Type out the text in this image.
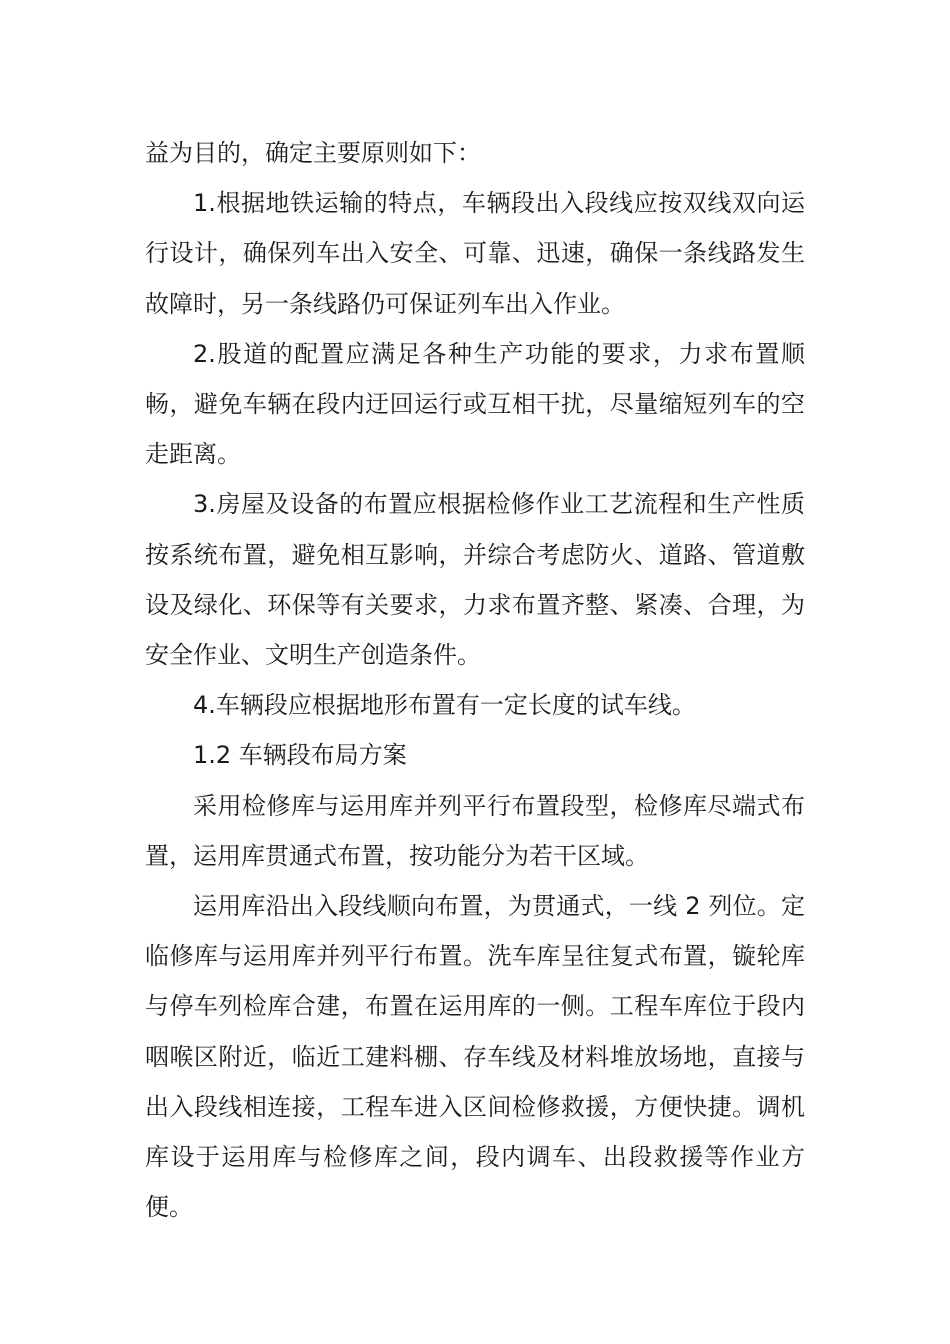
益为目的，确定主要原则如下：

1.根据地铁运输的特点，车辆段出入段线应按双线双向运行设计，确保列车出入安全、可靠、迅速，确保一条线路发生故障时，另一条线路仍可保证列车出入作业。

2.股道的配置应满足各种生产功能的要求，力求布置顺畅，避免车辆在段内迂回运行或互相干扰，尽量缩短列车的空走距离。

3.房屋及设备的布置应根据检修作业工艺流程和生产性质按系统布置，避免相互影响，并综合考虑防火、道路、管道敷设及绿化、环保等有关要求，力求布置齐整、紧凑、合理，为安全作业、文明生产创造条件。

4.车辆段应根据地形布置有一定长度的试车线。

1.2 车辆段布局方案

采用检修库与运用库并列平行布置段型，检修库尽端式布置，运用库贯通式布置，按功能分为若干区域。

运用库沿出入段线顺向布置，为贯通式，一线 2 列位。定临修库与运用库并列平行布置。洗车库呈往复式布置，镟轮库与停车列检库合建，布置在运用库的一侧。工程车库位于段内咽喉区附近，临近工建料棚、存车线及材料堆放场地，直接与出入段线相连接，工程车进入区间检修救援，方便快捷。调机库设于运用库与检修库之间，段内调车、出段救援等作业方便。
